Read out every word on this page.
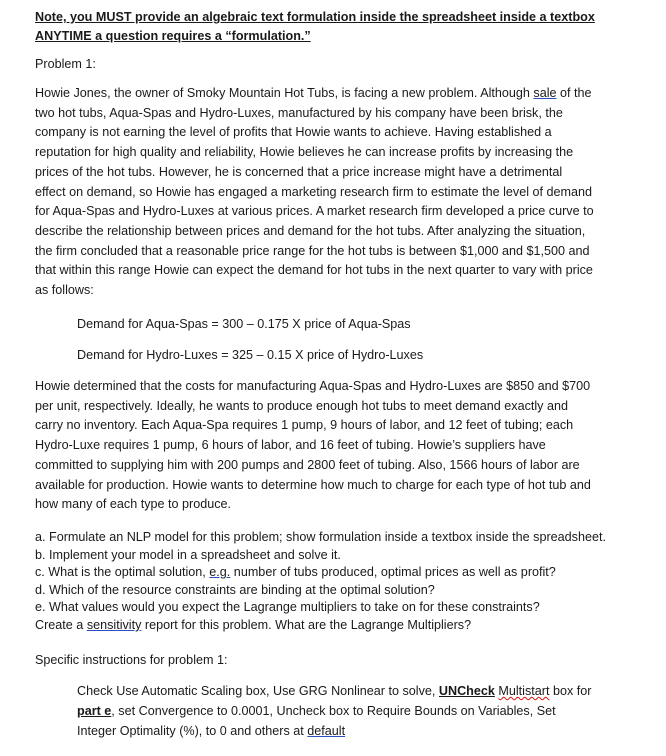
Note, you MUST provide an algebraic text formulation inside the spreadsheet inside a textbox ANYTIME a question requires a “formulation.”
Problem 1:
Howie Jones, the owner of Smoky Mountain Hot Tubs, is facing a new problem. Although sale of the two hot tubs, Aqua-Spas and Hydro-Luxes, manufactured by his company have been brisk, the company is not earning the level of profits that Howie wants to achieve. Having established a reputation for high quality and reliability, Howie believes he can increase profits by increasing the prices of the hot tubs. However, he is concerned that a price increase might have a detrimental effect on demand, so Howie has engaged a marketing research firm to estimate the level of demand for Aqua-Spas and Hydro-Luxes at various prices. A market research firm developed a price curve to describe the relationship between prices and demand for the hot tubs. After analyzing the situation, the firm concluded that a reasonable price range for the hot tubs is between $1,000 and $1,500 and that within this range Howie can expect the demand for hot tubs in the next quarter to vary with price as follows:
Demand for Aqua-Spas = 300 – 0.175 X price of Aqua-Spas
Demand for Hydro-Luxes = 325 – 0.15 X price of Hydro-Luxes
Howie determined that the costs for manufacturing Aqua-Spas and Hydro-Luxes are $850 and $700 per unit, respectively. Ideally, he wants to produce enough hot tubs to meet demand exactly and carry no inventory. Each Aqua-Spa requires 1 pump, 9 hours of labor, and 12 feet of tubing; each Hydro-Luxe requires 1 pump, 6 hours of labor, and 16 feet of tubing. Howie’s suppliers have committed to supplying him with 200 pumps and 2800 feet of tubing. Also, 1566 hours of labor are available for production. Howie wants to determine how much to charge for each type of hot tub and how many of each type to produce.
a. Formulate an NLP model for this problem; show formulation inside a textbox inside the spreadsheet.
b. Implement your model in a spreadsheet and solve it.
c. What is the optimal solution, e.g. number of tubs produced, optimal prices as well as profit?
d. Which of the resource constraints are binding at the optimal solution?
e. What values would you expect the Lagrange multipliers to take on for these constraints?
Create a sensitivity report for this problem. What are the Lagrange Multipliers?
Specific instructions for problem 1:
Check Use Automatic Scaling box, Use GRG Nonlinear to solve, UNCheck Multistart box for part e, set Convergence to 0.0001, Uncheck box to Require Bounds on Variables, Set Integer Optimality (%), to 0 and others at default
